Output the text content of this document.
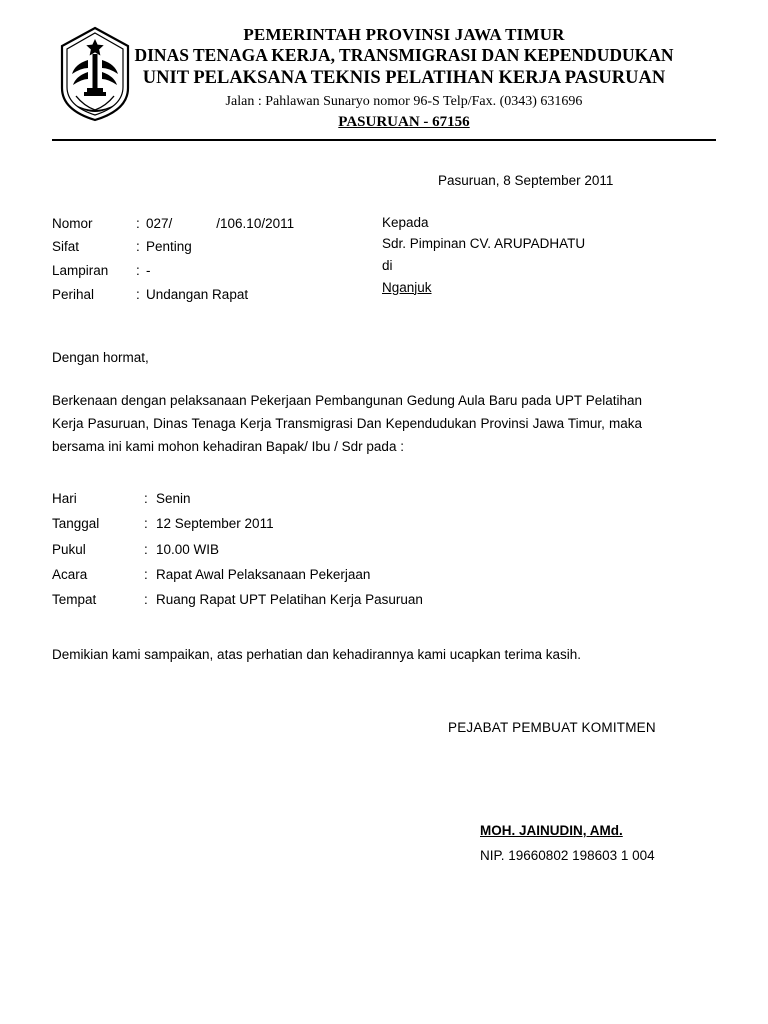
PEMERINTAH PROVINSI JAWA TIMUR
DINAS TENAGA KERJA, TRANSMIGRASI DAN KEPENDUDUKAN
UNIT PELAKSANA TEKNIS PELATIHAN KERJA PASURUAN
Jalan : Pahlawan Sunaryo nomor 96-S Telp/Fax. (0343) 631696
PASURUAN - 67156
Pasuruan, 8 September 2011
Nomor	:	027/ /106.10/2011
Sifat	:	Penting
Lampiran	:	-
Perihal	:	Undangan Rapat
Kepada
Sdr. Pimpinan CV. ARUPADHATU
di
Nganjuk
Dengan hormat,
Berkenaan dengan pelaksanaan Pekerjaan Pembangunan Gedung Aula Baru pada UPT Pelatihan Kerja Pasuruan, Dinas Tenaga Kerja Transmigrasi Dan Kependudukan Provinsi Jawa Timur, maka bersama ini kami mohon kehadiran Bapak/ Ibu / Sdr pada :
Hari	:	Senin
Tanggal	:	12 September 2011
Pukul	:	10.00 WIB
Acara	:	Rapat Awal Pelaksanaan Pekerjaan
Tempat	:	Ruang Rapat UPT Pelatihan Kerja Pasuruan
Demikian kami sampaikan, atas perhatian dan kehadirannya kami ucapkan terima kasih.
PEJABAT PEMBUAT KOMITMEN
MOH. JAINUDIN, AMd.
NIP. 19660802 198603 1 004
